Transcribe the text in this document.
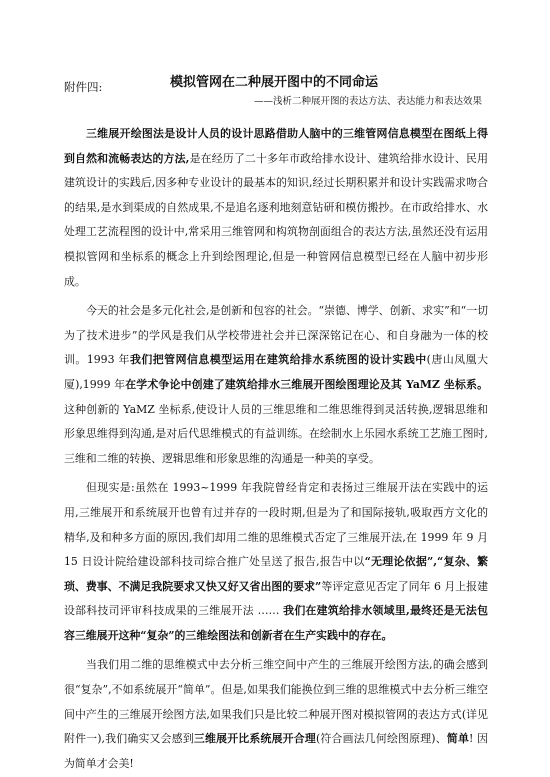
附件四:	模拟管网在二种展开图中的不同命运
——浅析二种展开图的表达方法、表达能力和表达效果

三维展开绘图法是设计人员的设计思路借助人脑中的三维管网信息模型在图纸上得到自然和流畅表达的方法,是在经历了二十多年市政给排水设计、建筑给排水设计、民用建筑设计的实践后,因多种专业设计的最基本的知识,经过长期积累并和设计实践需求吻合的结果,是水到渠成的自然成果,不是追名逐利地刻意钻研和模仿搬抄。在市政给排水、水处理工艺流程图的设计中,常采用三维管网和构筑物剖面组合的表达方法,虽然还没有运用模拟管网和坐标系的概念上升到绘图理论,但是一种管网信息模型已经在人脑中初步形成。

今天的社会是多元化社会,是创新和包容的社会。“崇德、博学、创新、求实”和“一切为了技术进步”的学风是我们从学校带进社会并已深深铭记在心、和自身融为一体的校训。1993 年我们把管网信息模型运用在建筑给排水系统图的设计实践中(唐山凤凰大厦),1999 年在学术争论中创建了建筑给排水三维展开图绘图理论及其 YaMZ 坐标系。这种创新的 YaMZ 坐标系,使设计人员的三维思维和二维思维得到灵活转换,逻辑思维和形象思维得到沟通,是对后代思维模式的有益训练。在绘制水上乐园水系统工艺施工图时,三维和二维的转换、逻辑思维和形象思维的沟通是一种美的享受。

但现实是:虽然在 1993~1999 年我院曾经肯定和表扬过三维展开法在实践中的运用,三维展开和系统展开也曾有过并存的一段时期,但是为了和国际接轨,吸取西方文化的精华,及和种多方面的原因,我们却用二维的思维模式否定了三维展开法,在 1999 年 9 月 15 日设计院给建设部科技司综合推广处呈送了报告,报告中以“无理论依据”,“复杂、繁琐、费事、不满足我院要求又快又好又省出图的要求”等评定意见否定了同年 6 月上报建设部科技司评审科技成果的三维展开法 …… 我们在建筑给排水领域里,最终还是无法包容三维展开这种“复杂”的三维绘图法和创新者在生产实践中的存在。

当我们用二维的思维模式中去分析三维空间中产生的三维展开绘图方法,的确会感到很“复杂”,不如系统展开“简单”。但是,如果我们能换位到三维的思维模式中去分析三维空间中产生的三维展开绘图方法,如果我们只是比较二种展开图对模拟管网的表达方式(详见附件一),我们确实又会感到三维展开比系统展开合理(符合画法几何绘图原理)、简单! 因为简单才会美!
